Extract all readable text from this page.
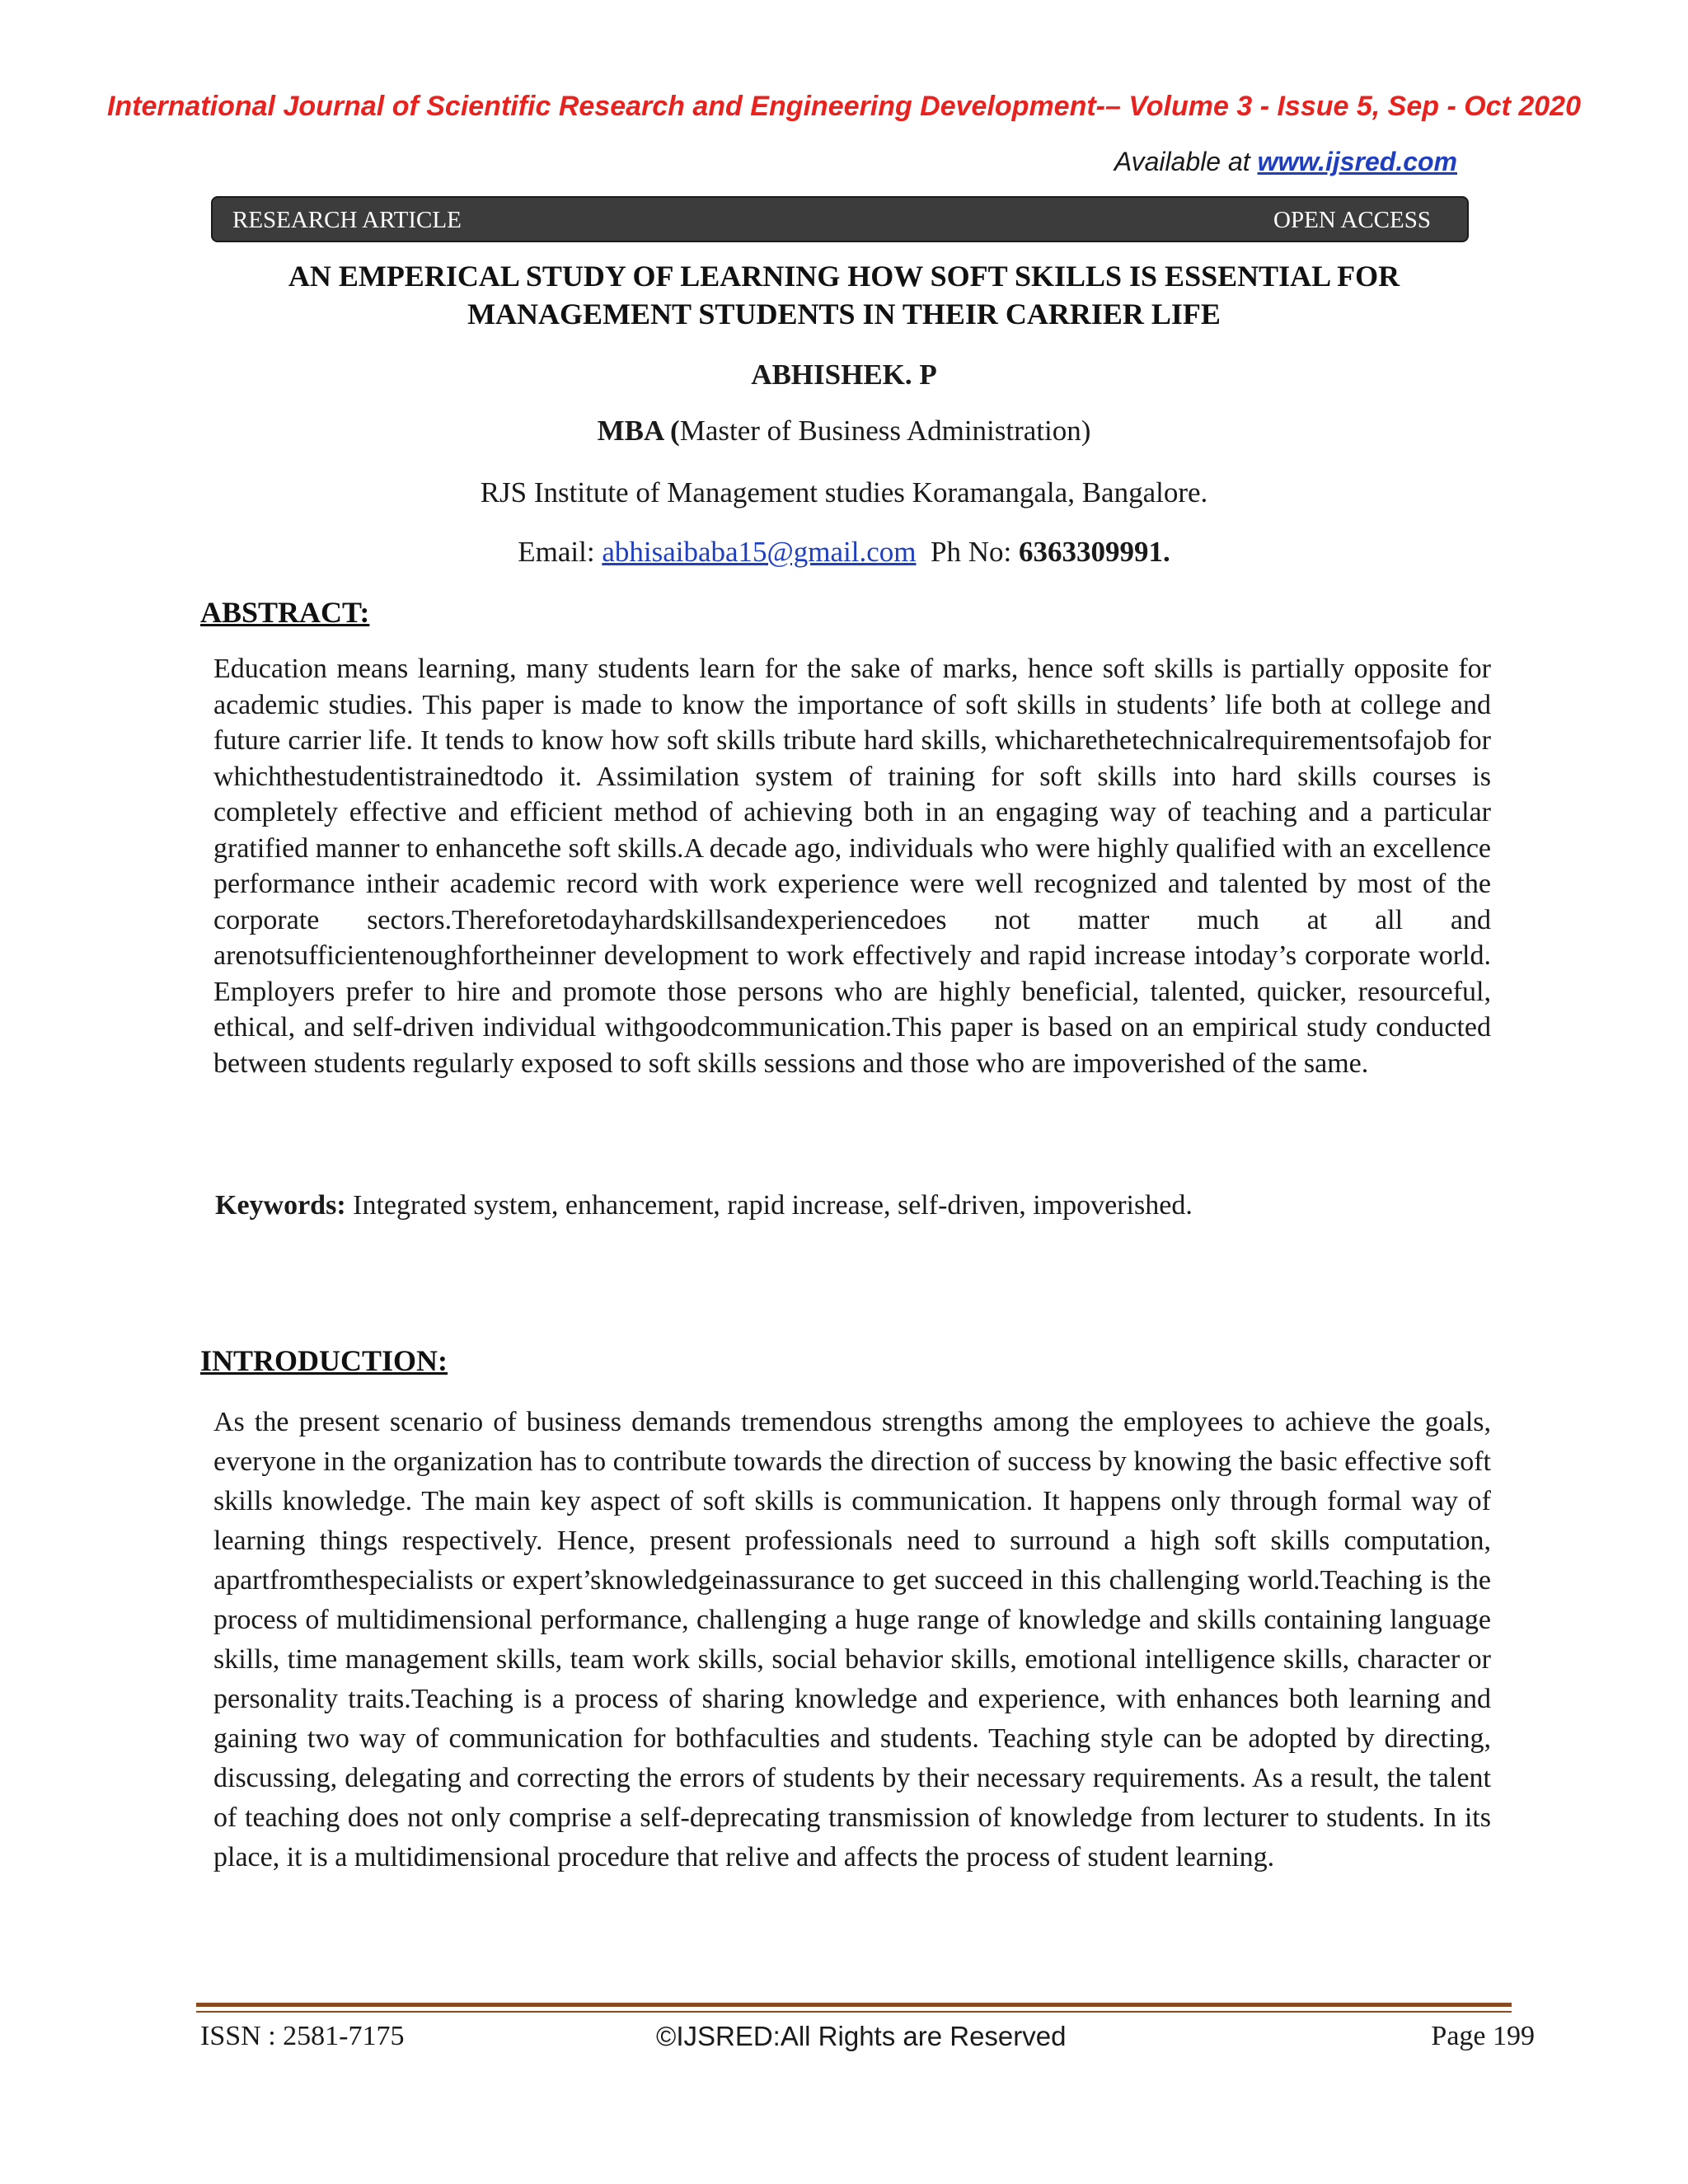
International Journal of Scientific Research and Engineering Development-– Volume 3 - Issue 5, Sep - Oct 2020
Available at www.ijsred.com
RESEARCH ARTICLE	OPEN ACCESS
AN EMPERICAL STUDY OF LEARNING HOW SOFT SKILLS IS ESSENTIAL FOR
MANAGEMENT STUDENTS IN THEIR CARRIER LIFE
ABHISHEK. P
MBA (Master of Business Administration)
RJS Institute of Management studies Koramangala, Bangalore.
Email: abhisaibaba15@gmail.com  Ph No: 6363309991.
ABSTRACT:
Education means learning, many students learn for the sake of marks, hence soft skills is partially opposite for academic studies. This paper is made to know the importance of soft skills in students’ life both at college and future carrier life. It tends to know how soft skills tribute hard skills, whicharethetechnicalrequirementsofajob for whichthestudentistrainedtodo it. Assimilation system of training for soft skills into hard skills courses is completely effective and efficient method of achieving both in an engaging way of teaching and a particular gratified manner to enhancethe soft skills.A decade ago, individuals who were highly qualified with an excellence performance intheir academic record with work experience were well recognized and talented by most of the corporate sectors.Thereforetodayhardskillsandexperiencedoes not matter much at all and arenotsufficientenoughfortheinner development to work effectively and rapid increase intoday’s corporate world. Employers prefer to hire and promote those persons who are highly beneficial, talented, quicker, resourceful, ethical, and self-driven individual withgoodcommunication.This paper is based on an empirical study conducted between students regularly exposed to soft skills sessions and those who are impoverished of the same.
Keywords: Integrated system, enhancement, rapid increase, self-driven, impoverished.
INTRODUCTION:
As the present scenario of business demands tremendous strengths among the employees to achieve the goals, everyone in the organization has to contribute towards the direction of success by knowing the basic effective soft skills knowledge. The main key aspect of soft skills is communication. It happens only through formal way of learning things respectively. Hence, present professionals need to surround a high soft skills computation, apartfromthespecialists or expert’sknowledgeinassurance to get succeed in this challenging world.Teaching is the process of multidimensional performance, challenging a huge range of knowledge and skills containing language skills, time management skills, team work skills, social behavior skills, emotional intelligence skills, character or personality traits.Teaching is a process of sharing knowledge and experience, with enhances both learning and gaining two way of communication for bothfaculties and students. Teaching style can be adopted by directing, discussing, delegating and correcting the errors of students by their necessary requirements. As a result, the talent of teaching does not only comprise a self-deprecating transmission of knowledge from lecturer to students. In its place, it is a multidimensional procedure that relive and affects the process of student learning.
ISSN : 2581-7175	©IJSRED:All Rights are Reserved	Page 199
